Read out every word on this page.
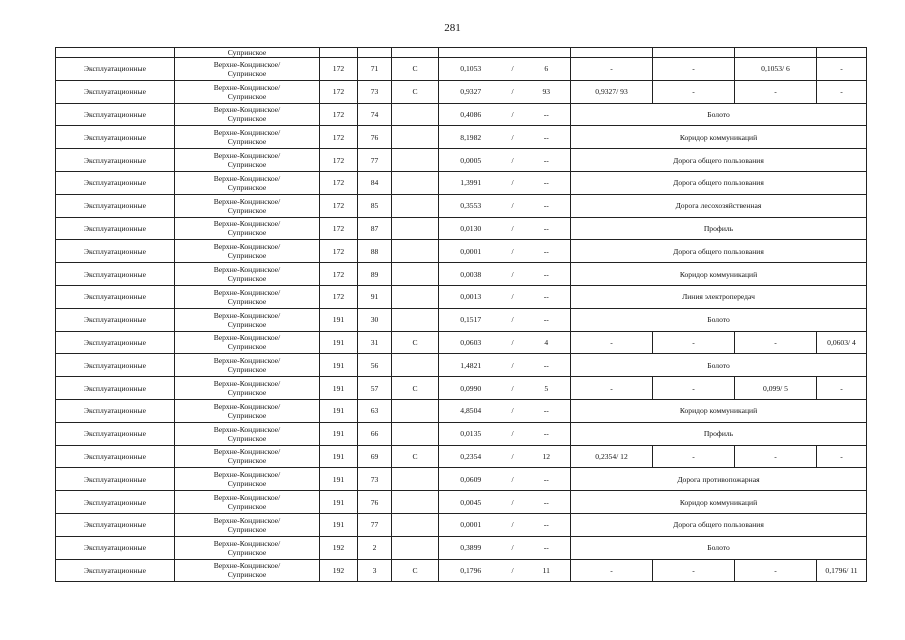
281
	Супринское										
Эксплуатационные	Верхне-Кондинское/
Супринское	172	71	С	0,1053	/	6	-	-	0,1053/ 6	-
Эксплуатационные	Верхне-Кондинское/
Супринское	172	73	С	0,9327	/	93	0,9327/ 93	-	-	-
Эксплуатационные	Верхне-Кондинское/
Супринское	172	74		0,4086	/	--	Болото			
Эксплуатационные	Верхне-Кондинское/
Супринское	172	76		8,1982	/	--	Коридор коммуникаций			
Эксплуатационные	Верхне-Кондинское/
Супринское	172	77		0,0005	/	--	Дорога общего пользования			
Эксплуатационные	Верхне-Кондинское/
Супринское	172	84		1,3991	/	--	Дорога общего пользования			
Эксплуатационные	Верхне-Кондинское/
Супринское	172	85		0,3553	/	--	Дорога лесохозяйственная			
Эксплуатационные	Верхне-Кондинское/
Супринское	172	87		0,0130	/	--	Профиль			
Эксплуатационные	Верхне-Кондинское/
Супринское	172	88		0,0001	/	--	Дорога общего пользования			
Эксплуатационные	Верхне-Кондинское/
Супринское	172	89		0,0038	/	--	Коридор коммуникаций			
Эксплуатационные	Верхне-Кондинское/
Супринское	172	91		0,0013	/	--	Линия электропередач			
Эксплуатационные	Верхне-Кондинское/
Супринское	191	30		0,1517	/	--	Болото			
Эксплуатационные	Верхне-Кондинское/
Супринское	191	31	С	0,0603	/	4	-	-	-	0,0603/ 4
Эксплуатационные	Верхне-Кондинское/
Супринское	191	56		1,4821	/	--	Болото			
Эксплуатационные	Верхне-Кондинское/
Супринское	191	57	С	0,0990	/	5	-	-	0,099/ 5	-
Эксплуатационные	Верхне-Кондинское/
Супринское	191	63		4,8504	/	--	Коридор коммуникаций			
Эксплуатационные	Верхне-Кондинское/
Супринское	191	66		0,0135	/	--	Профиль			
Эксплуатационные	Верхне-Кондинское/
Супринское	191	69	С	0,2354	/	12	0,2354/ 12	-	-	-
Эксплуатационные	Верхне-Кондинское/
Супринское	191	73		0,0609	/	--	Дорога противопожарная			
Эксплуатационные	Верхне-Кондинское/
Супринское	191	76		0,0045	/	--	Коридор коммуникаций			
Эксплуатационные	Верхне-Кондинское/
Супринское	191	77		0,0001	/	--	Дорога общего пользования			
Эксплуатационные	Верхне-Кондинское/
Супринское	192	2		0,3899	/	--	Болото			
Эксплуатационные	Верхне-Кондинское/
Супринское	192	3	С	0,1796	/	11	-	-	-	0,1796/ 11
